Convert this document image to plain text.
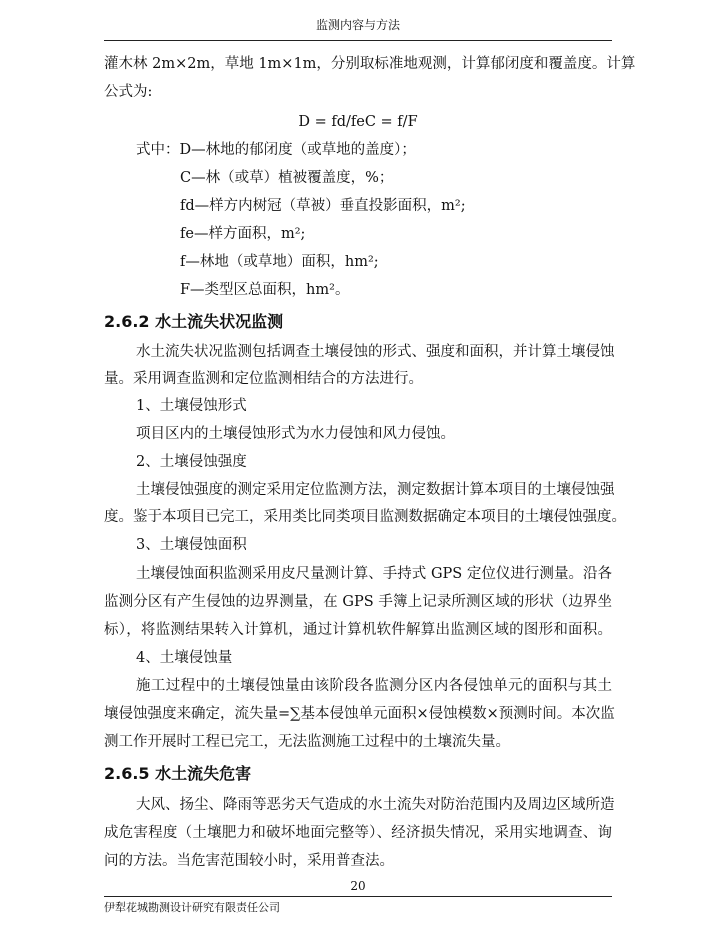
监测内容与方法
灌木林 2m×2m，草地 1m×1m，分别取标准地观测，计算郁闭度和覆盖度。计算
公式为:
D = fd/feC = f/F
式中：D—林地的郁闭度（或草地的盖度）；
C—林（或草）植被覆盖度，%；
fd—样方内树冠（草被）垂直投影面积，m²;
fe—样方面积，m²;
f—林地（或草地）面积，hm²;
F—类型区总面积，hm²。
2.6.2 水土流失状况监测
水土流失状况监测包括调查土壤侵蚀的形式、强度和面积，并计算土壤侵蚀
量。采用调查监测和定位监测相结合的方法进行。
1、土壤侵蚀形式
项目区内的土壤侵蚀形式为水力侵蚀和风力侵蚀。
2、土壤侵蚀强度
土壤侵蚀强度的测定采用定位监测方法，测定数据计算本项目的土壤侵蚀强
度。鉴于本项目已完工，采用类比同类项目监测数据确定本项目的土壤侵蚀强度。
3、土壤侵蚀面积
土壤侵蚀面积监测采用皮尺量测计算、手持式 GPS 定位仪进行测量。沿各
监测分区有产生侵蚀的边界测量，在 GPS 手簿上记录所测区域的形状（边界坐
标），将监测结果转入计算机，通过计算机软件解算出监测区域的图形和面积。
4、土壤侵蚀量
施工过程中的土壤侵蚀量由该阶段各监测分区内各侵蚀单元的面积与其土
壤侵蚀强度来确定，流失量=∑基本侵蚀单元面积×侵蚀模数×预测时间。本次监
测工作开展时工程已完工，无法监测施工过程中的土壤流失量。
2.6.5 水土流失危害
大风、扬尘、降雨等恶劣天气造成的水土流失对防治范围内及周边区域所造
成危害程度（土壤肥力和破坏地面完整等）、经济损失情况，采用实地调查、询
问的方法。当危害范围较小时，采用普查法。
20
伊犁花城勘测设计研究有限责任公司
